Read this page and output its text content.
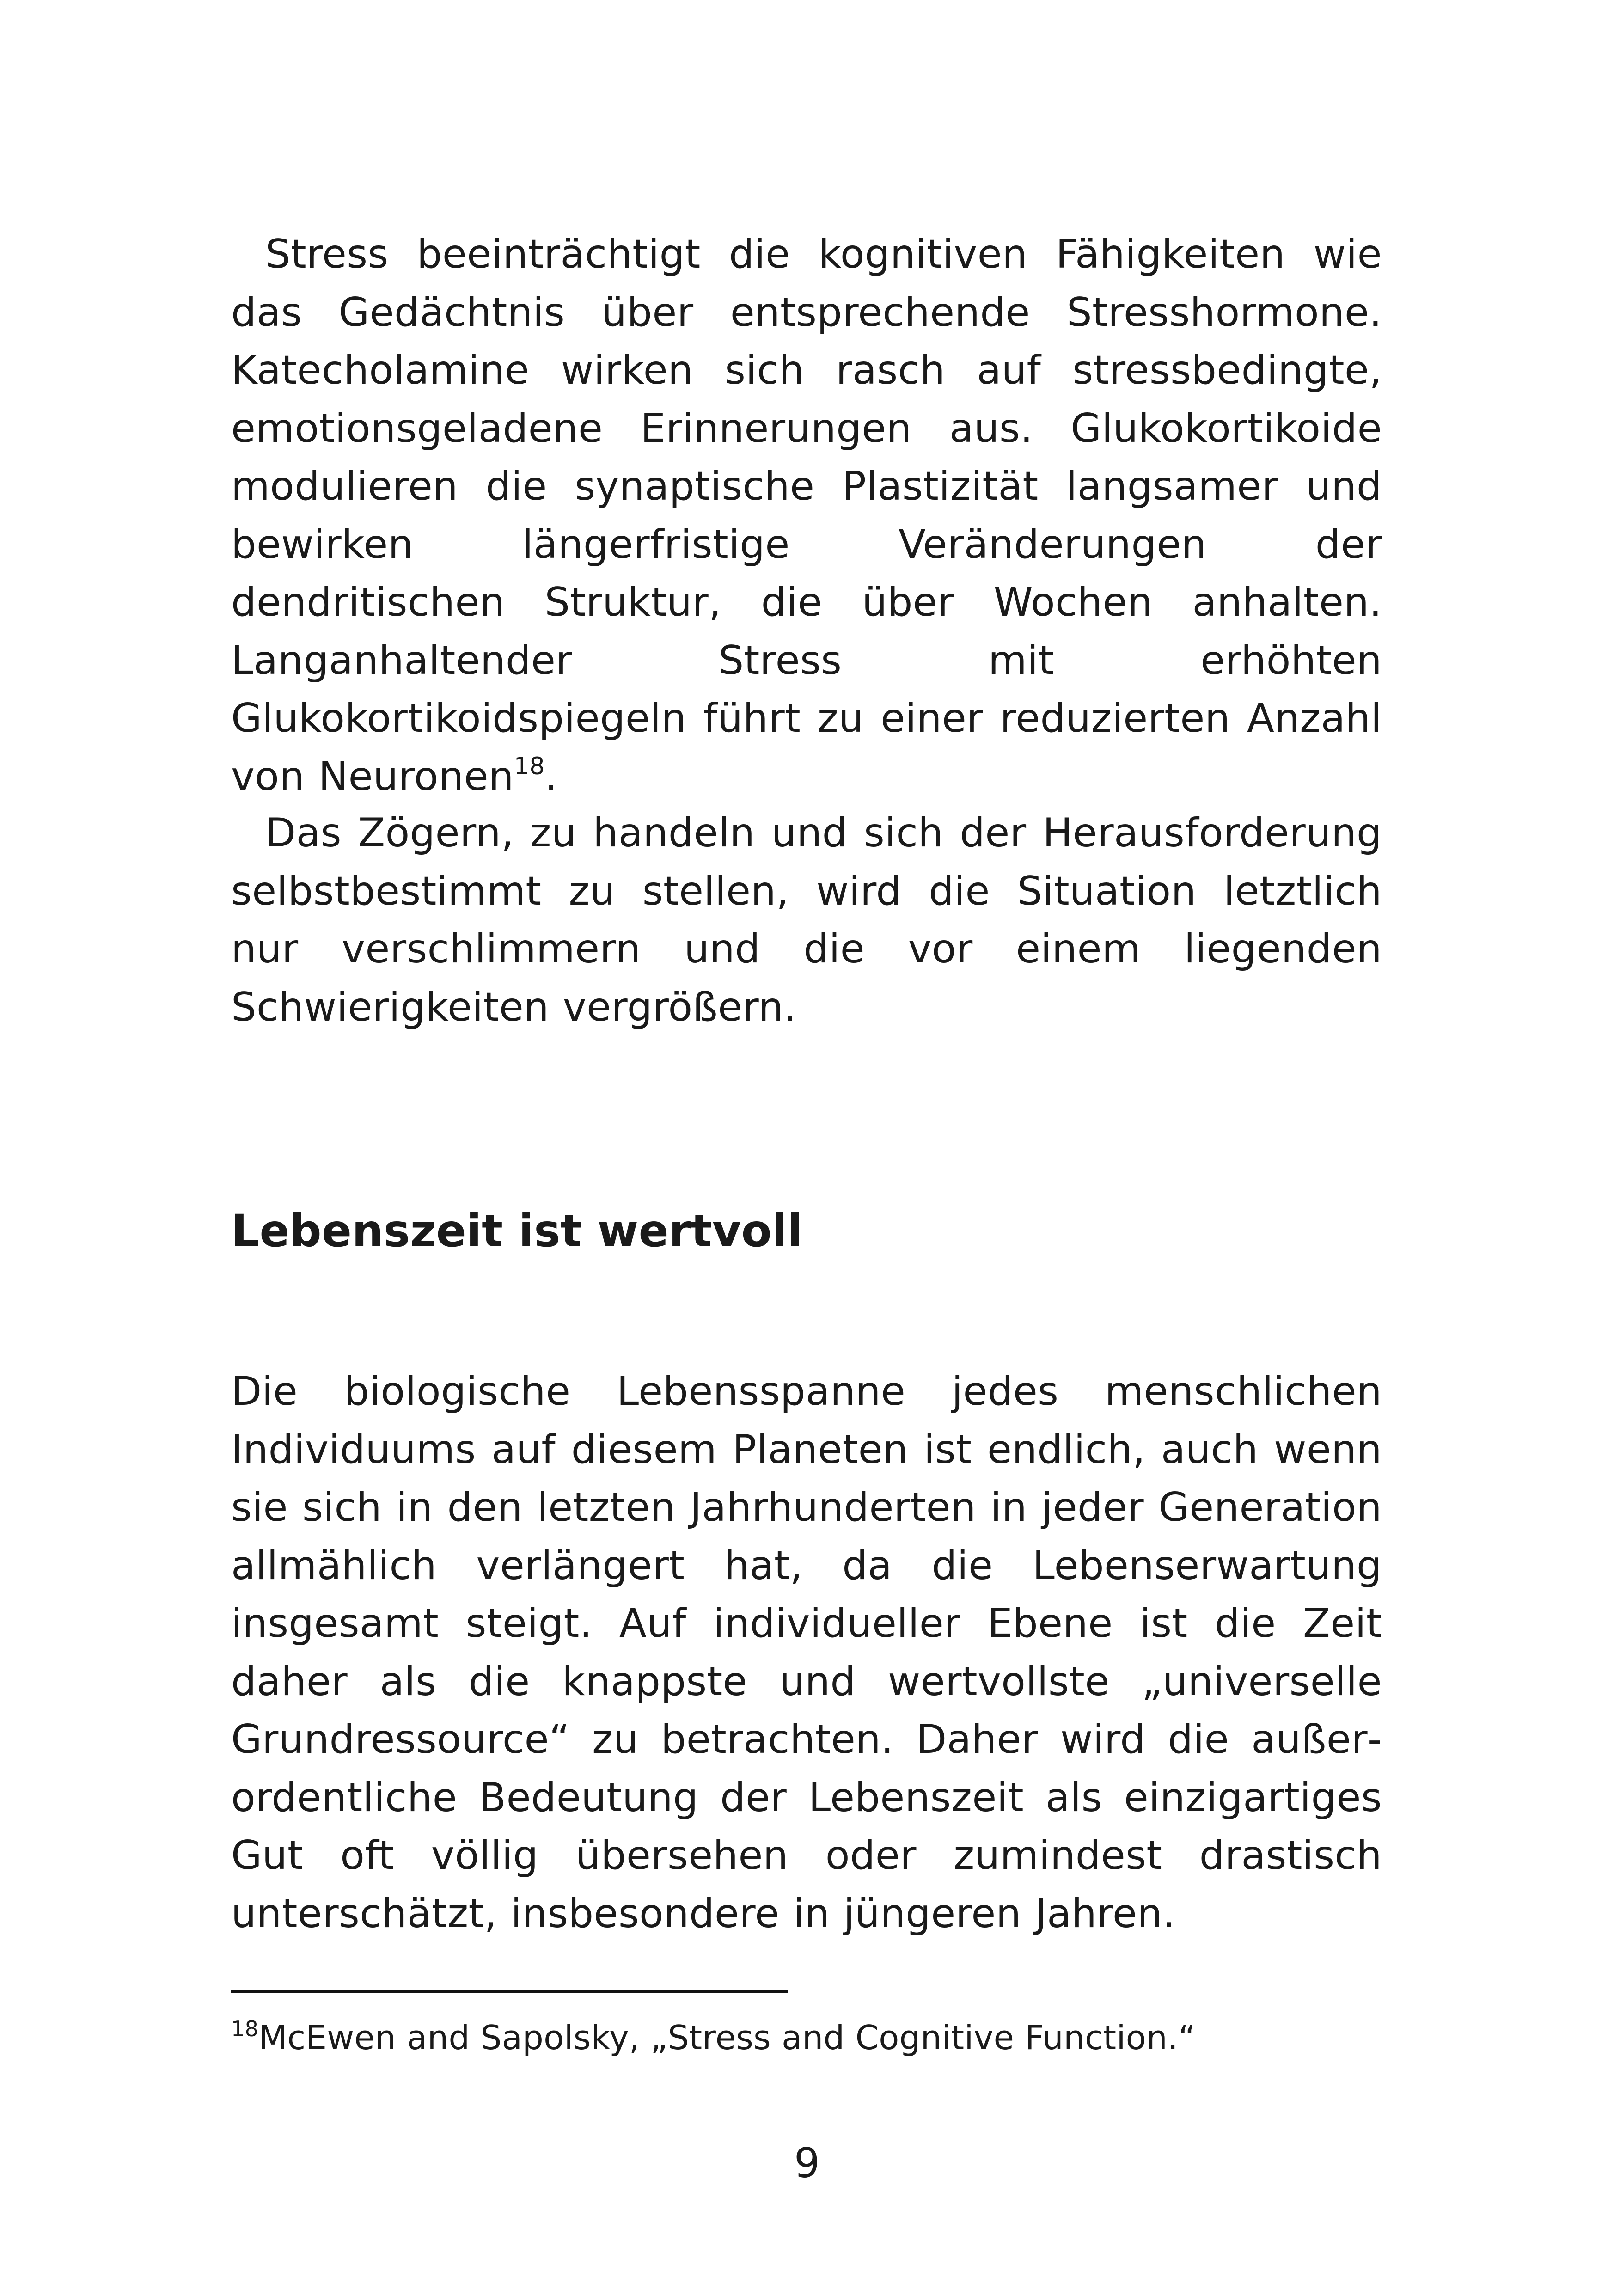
Stress beeinträchtigt die kognitiven Fähigkeiten wie das Gedächtnis über entsprechende Stresshormone. Katecholamine wirken sich rasch auf stressbedingte, emotionsgeladene Erinnerungen aus. Glukokortikoide modulieren die synaptische Plastizität langsamer und bewirken längerfristige Veränderungen der dendritischen Struktur, die über Wochen anhalten. Langanhaltender Stress mit erhöhten Glukokortikoidspiegeln führt zu einer reduzierten Anzahl von Neuronen$^{18}$.

Das Zögern, zu handeln und sich der Herausforderung selbstbestimmt zu stellen, wird die Situation letztlich nur verschlimmern und die vor einem liegenden Schwierigkeiten vergrößern.

Lebenszeit ist wertvoll

Die biologische Lebensspanne jedes menschlichen Individuums auf diesem Planeten ist endlich, auch wenn sie sich in den letzten Jahrhunderten in jeder Generation allmählich verlängert hat, da die Lebenserwartung insgesamt steigt. Auf individueller Ebene ist die Zeit daher als die knappste und wertvollste „universelle Grundressource“ zu betrachten. Daher wird die außerordentliche Bedeutung der Lebenszeit als einzigartiges Gut oft völlig übersehen oder zumindest drastisch unterschätzt, insbesondere in jüngeren Jahren.

$^{18}$McEwen and Sapolsky, „Stress and Cognitive Function.“

9
